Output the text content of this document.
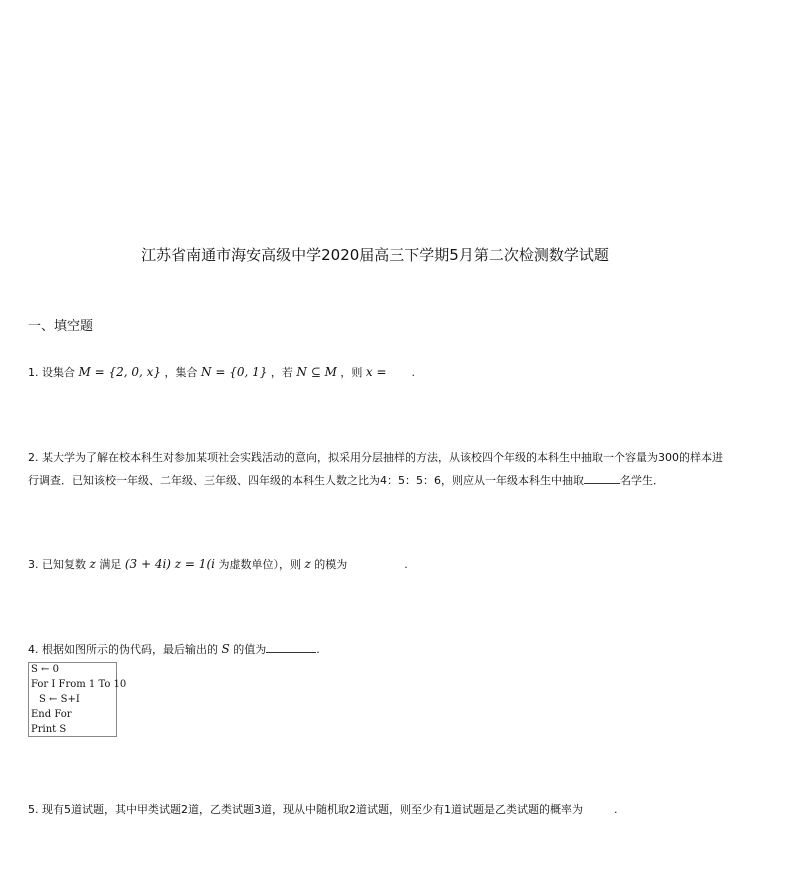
江苏省南通市海安高级中学2020届高三下学期5月第二次检测数学试题
一、填空题
1. 设集合 M = {2, 0, x} ，集合 N = {0, 1} ，若 N ⊆ M ，则 x = .
2. 某大学为了解在校本科生对参加某项社会实践活动的意向，拟采用分层抽样的方法，从该校四个年级的本科生中抽取一个容量为300的样本进
行调查．已知该校一年级、二年级、三年级、四年级的本科生人数之比为4：5：5：6，则应从一年级本科生中抽取	名学生．
3. 已知复数 z 满足 (3 + 4i) z = 1(i 为虚数单位），则 z 的模为	.
4. 根据如图所示的伪代码，最后输出的 S 的值为	.
S ← 0
For I From 1 To 10
S ← S+I
End For
Print S
5. 现有5道试题，其中甲类试题2道，乙类试题3道，现从中随机取2道试题，则至少有1道试题是乙类试题的概率为	.
